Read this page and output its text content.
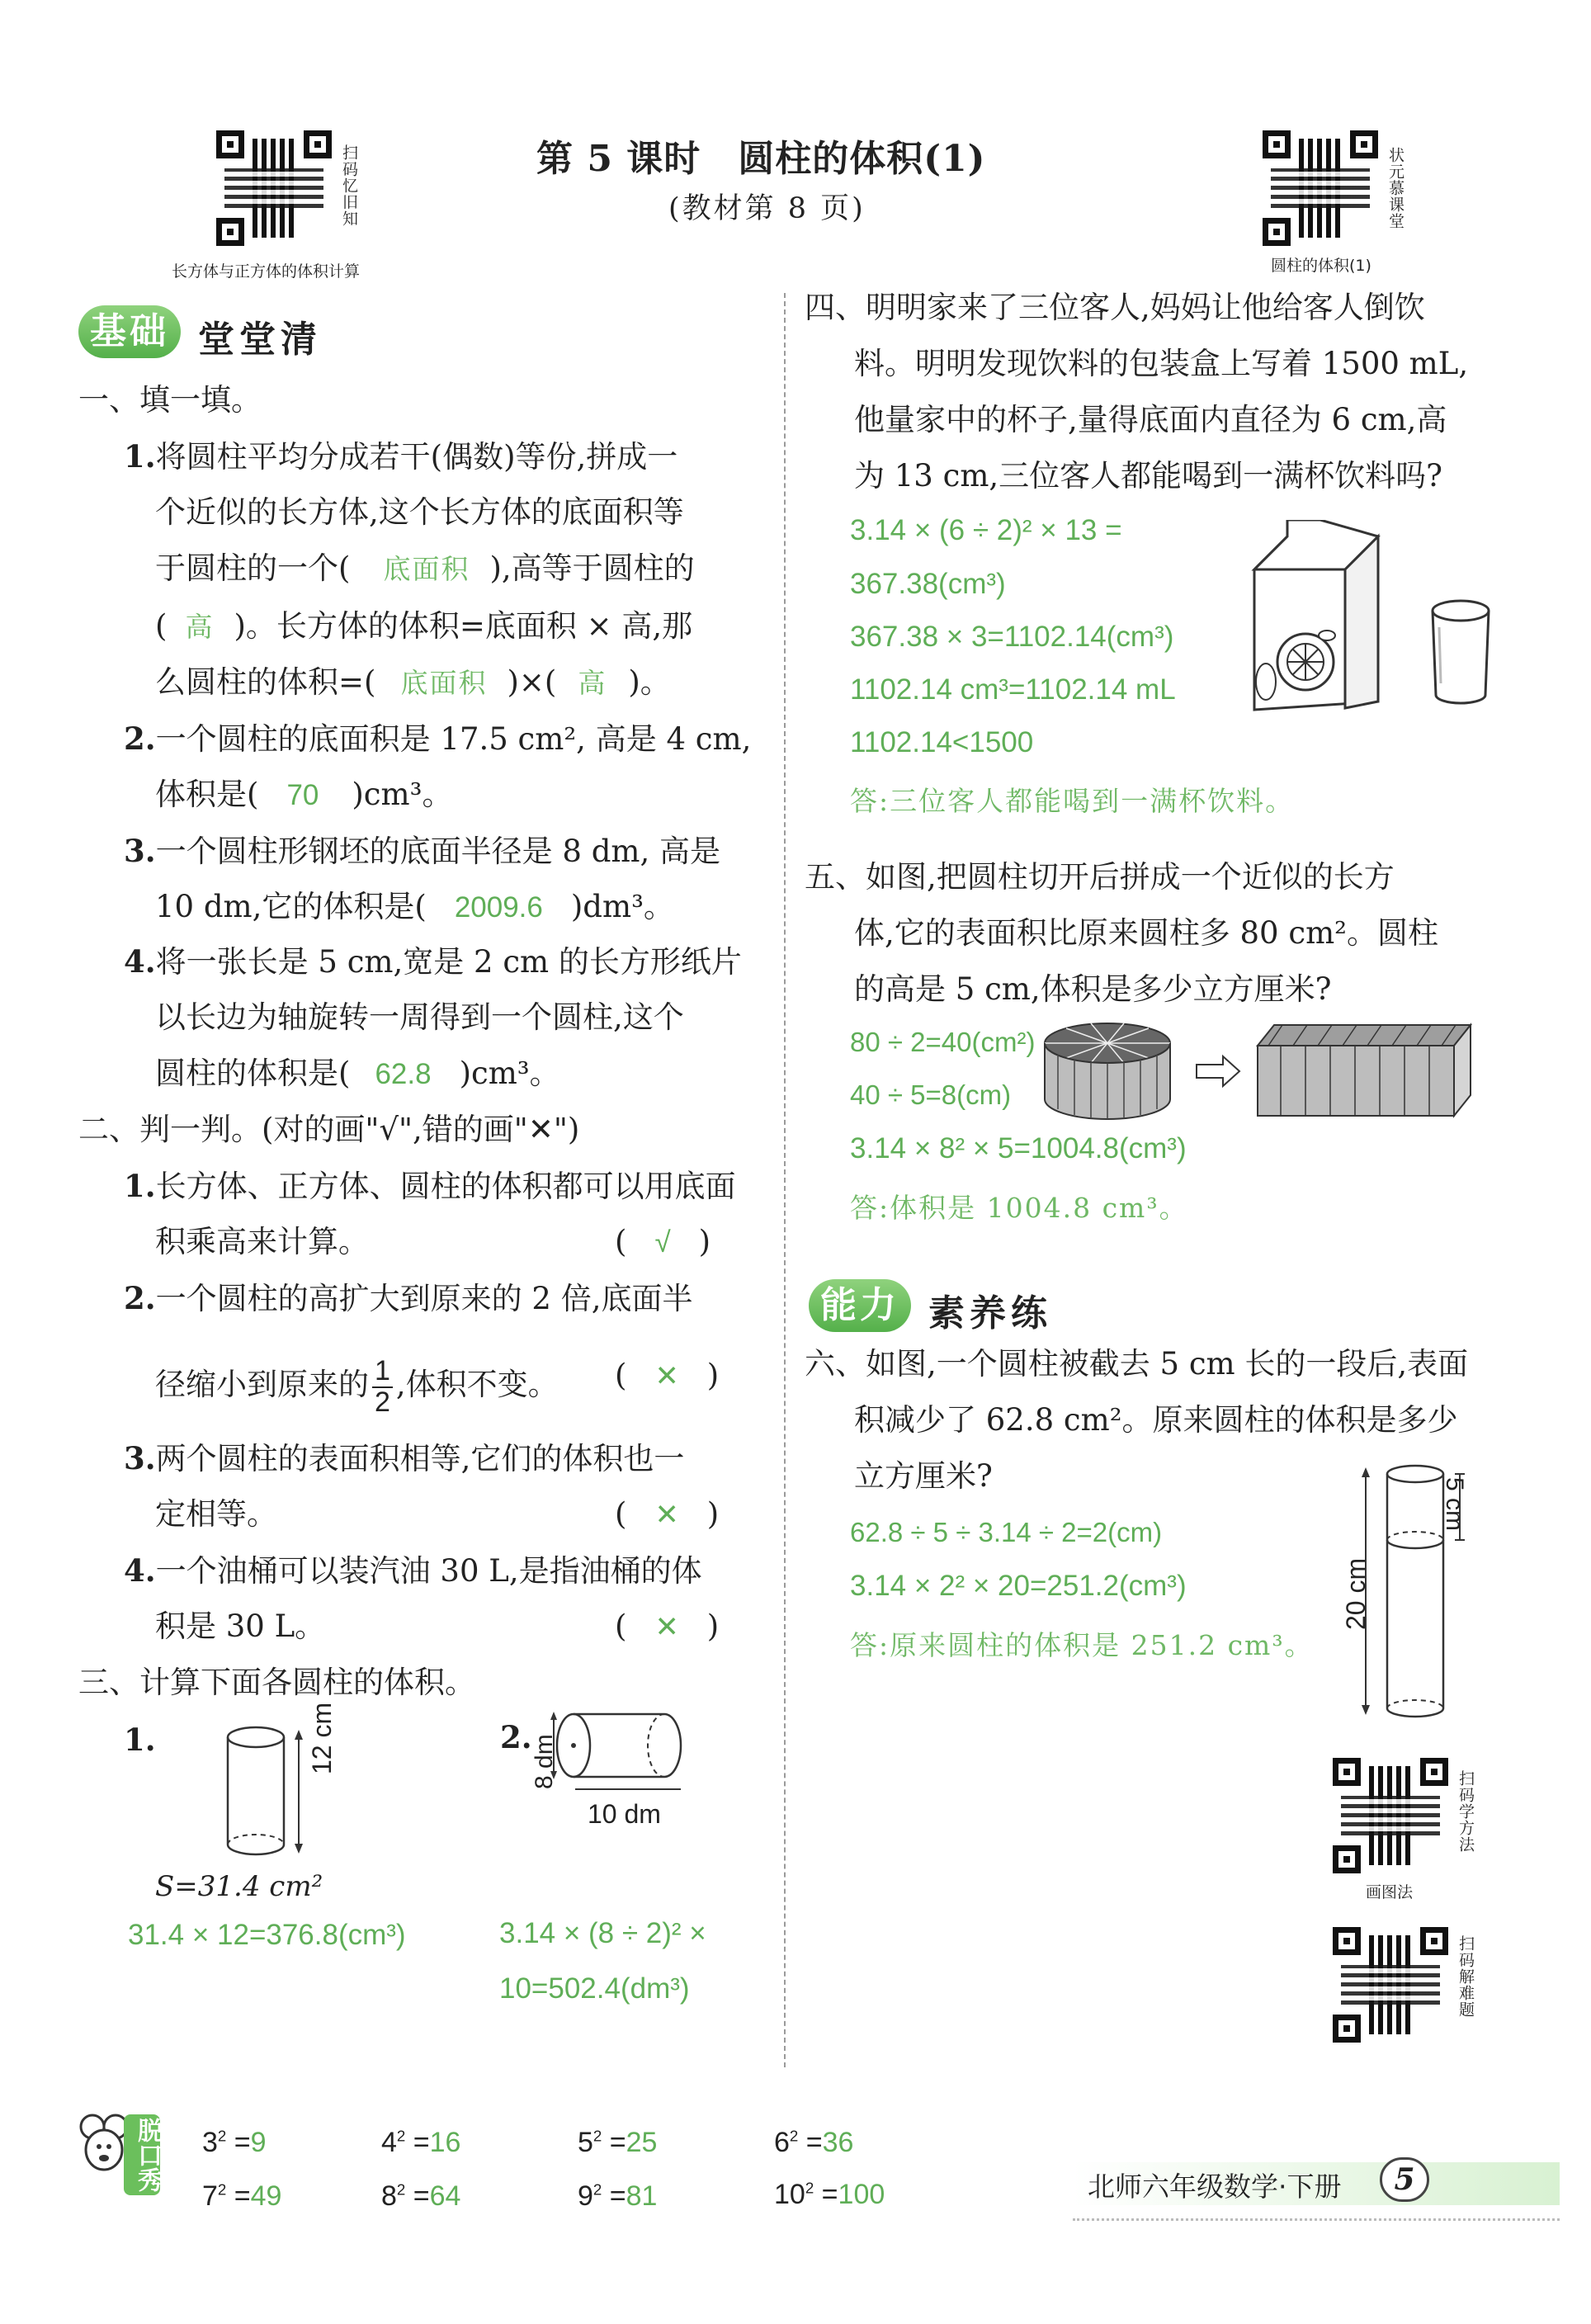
扫码忆旧知
长方体与正方体的体积计算
第 5 课时　圆柱的体积(1)
(教材第 8 页)	状元慕课堂
圆柱的体积(1)
基础 堂堂清
一、填一填。
1.将圆柱平均分成若干(偶数)等份,拼成一
个近似的长方体,这个长方体的底面积等
于圆柱的一个( 底面积 ),高等于圆柱的
( 高 )。长方体的体积=底面积 × 高,那
么圆柱的体积=( 底面积 )×( 高 )。
2.一个圆柱的底面积是 17.5 cm², 高是 4 cm,
体积是( 70 )cm³。
3.一个圆柱形钢坯的底面半径是 8 dm, 高是
10 dm,它的体积是( 2009.6 )dm³。
4.将一张长是 5 cm,宽是 2 cm 的长方形纸片
以长边为轴旋转一周得到一个圆柱,这个
圆柱的体积是( 62.8 )cm³。
二、判一判。(对的画"√",错的画"✕")
1.长方体、正方体、圆柱的体积都可以用底面
积乘高来计算。	( √ )
2.一个圆柱的高扩大到原来的 2 倍,底面半
径缩小到原来的 $\frac{1}{2}$ ,体积不变。 ( ✕ )
3.两个圆柱的表面积相等,它们的体积也一
定相等。	( ✕ )
4.一个油桶可以装汽油 30 L,是指油桶的体
积是 30 L。	( ✕ )
三、计算下面各圆柱的体积。
1.	12 cm
S=31.4 cm²
31.4 × 12=376.8(cm³)
2.
8 dm
10 dm
3.14 × (8 ÷ 2)² ×
10=502.4(dm³)
四、明明家来了三位客人,妈妈让他给客人倒饮
料。明明发现饮料的包装盒上写着 1500 mL,
他量家中的杯子,量得底面内直径为 6 cm,高
为 13 cm,三位客人都能喝到一满杯饮料吗?
3.14 × (6 ÷ 2)² × 13 =
367.38(cm³)
367.38 × 3=1102.14(cm³)
1102.14 cm³=1102.14 mL
1102.14<1500
答:三位客人都能喝到一满杯饮料。
五、如图,把圆柱切开后拼成一个近似的长方
体,它的表面积比原来圆柱多 80 cm²。圆柱
的高是 5 cm,体积是多少立方厘米?
80 ÷ 2=40(cm²)
40 ÷ 5=8(cm)
3.14 × 8² × 5=1004.8(cm³)
答:体积是 1004.8 cm³。
能力 素养练
六、如图,一个圆柱被截去 5 cm 长的一段后,表面
积减少了 62.8 cm²。原来圆柱的体积是多少
立方厘米?
62.8 ÷ 5 ÷ 3.14 ÷ 2=2(cm)
3.14 × 2² × 20=251.2(cm³)
答:原来圆柱的体积是 251.2 cm³。
5 cm
20 cm
扫码学方法
画图法
扫码解难题
脱口秀 $3^2 =9$	$4^2 =16$	$5^2 =25$	$6^2 =36$
$7^2 =49$	$8^2 =64$	$9^2 =81$	$10^2 =100$	北师六年级数学·下册	5
